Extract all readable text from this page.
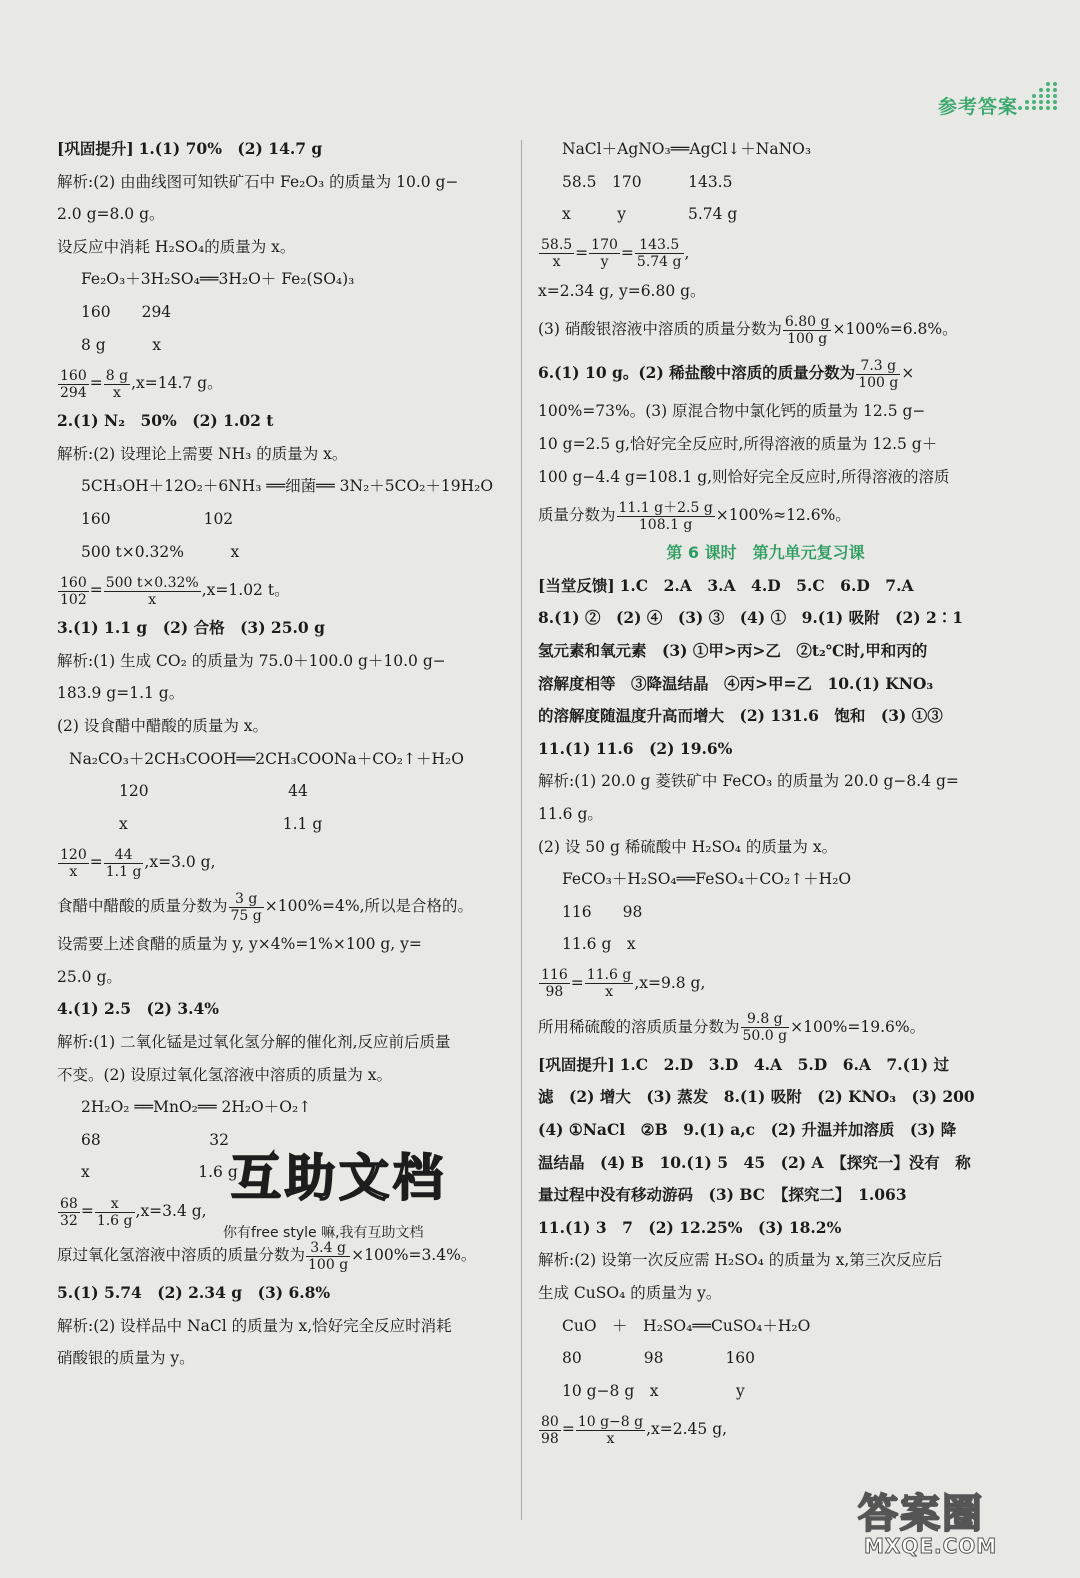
参考答案
[巩固提升] 1.(1) 70%　(2) 14.7 g
解析:(2) 由曲线图可知铁矿石中 Fe₂O₃ 的质量为 10.0 g−
2.0 g=8.0 g。
设反应中消耗 H₂SO₄的质量为 x。
Fe₂O₃＋3H₂SO₄══3H₂O＋ Fe₂(SO₄)₃
160　　294
8 g　　　x
$\frac{160}{294} = \frac{8 g}{x} ,x=14.7$ g。
2.(1) N₂　50%　(2) 1.02 t
解析:(2) 设理论上需要 NH₃ 的质量为 x。
5CH₃OH＋12O₂＋6NH₃ ══细菌══ 3N₂＋5CO₂＋19H₂O
160　　　　　　102
500 t×0.32%　　　x
$\frac{160}{102} = \frac{500 t\times 0.32\%}{x} ,x=1.02$ t。
3.(1) 1.1 g　(2) 合格　(3) 25.0 g
解析:(1) 生成 CO₂ 的质量为 75.0＋100.0 g＋10.0 g−
183.9 g=1.1 g。
(2) 设食醋中醋酸的质量为 x。
Na₂CO₃＋2CH₃COOH══2CH₃COONa＋CO₂↑＋H₂O
　　　　120　　　　　　　　　44
　　　　x　　　　　　　　　　1.1 g
$\frac{120}{x} = \frac{44}{1.1 g} ,x=3.0$ g,
食醋中醋酸的质量分数为 $\frac{3 g}{75 g} \times 100\%=4\%$,所以是合格的。
设需要上述食醋的质量为 y, y×4%=1%×100 g, y=
25.0 g。
4.(1) 2.5　(2) 3.4%
解析:(1) 二氧化锰是过氧化氢分解的催化剂,反应前后质量
不变。(2) 设原过氧化氢溶液中溶质的质量为 x。
2H₂O₂ ══MnO₂══ 2H₂O＋O₂↑
68　　　　　　　32
x　　　　　　　1.6 g
$\frac{68}{32} = \frac{x}{1.6 g} ,x=3.4$ g,
原过氧化氢溶液中溶质的质量分数为 $\frac{3.4 g}{100 g} \times 100\%=3.4\%$。
5.(1) 5.74　(2) 2.34 g　(3) 6.8%
解析:(2) 设样品中 NaCl 的质量为 x,恰好完全反应时消耗
硝酸银的质量为 y。
NaCl＋AgNO₃══AgCl↓＋NaNO₃
58.5　170　　　143.5
x　　　y　　　　5.74 g
$\frac{58.5}{x} = \frac{170}{y} = \frac{143.5}{5.74 g}$ ,
x=2.34 g, y=6.80 g。
(3) 硝酸银溶液中溶质的质量分数为 $\frac{6.80 g}{100 g} \times 100\%=6.8\%$。
6.(1) 10 g。(2) 稀盐酸中溶质的质量分数为 $\frac{7.3 g}{100 g}$ ×
100%=73%。(3) 原混合物中氯化钙的质量为 12.5 g−
10 g=2.5 g,恰好完全反应时,所得溶液的质量为 12.5 g＋
100 g−4.4 g=108.1 g,则恰好完全反应时,所得溶液的溶质
质量分数为 $\frac{11.1 g+2.5 g}{108.1 g} \times 100\%\approx 12.6\%$。
第 6 课时　第九单元复习课
[当堂反馈] 1.C　2.A　3.A　4.D　5.C　6.D　7.A
8.(1) ②　(2) ④　(3) ③　(4) ①　9.(1) 吸附　(2) 2∶1
氢元素和氧元素　(3) ①甲>丙>乙　②t₂℃时,甲和丙的
溶解度相等　③降温结晶　④丙>甲=乙　10.(1) KNO₃
的溶解度随温度升高而增大　(2) 131.6　饱和　(3) ①③
11.(1) 11.6　(2) 19.6%
解析:(1) 20.0 g 菱铁矿中 FeCO₃ 的质量为 20.0 g−8.4 g=
11.6 g。
(2) 设 50 g 稀硫酸中 H₂SO₄ 的质量为 x。
FeCO₃＋H₂SO₄══FeSO₄＋CO₂↑＋H₂O
116　　98
11.6 g　x
$\frac{116}{98} = \frac{11.6 g}{x} ,x=9.8$ g,
所用稀硫酸的溶质质量分数为 $\frac{9.8 g}{50.0 g} \times 100\%=19.6\%$。
[巩固提升] 1.C　2.D　3.D　4.A　5.D　6.A　7.(1) 过
滤　(2) 增大　(3) 蒸发　8.(1) 吸附　(2) KNO₃　(3) 200
(4) ①NaCl　②B　9.(1) a,c　(2) 升温并加溶质　(3) 降
温结晶　(4) B　10.(1) 5　45　(2) A　【探究一】没有　称
量过程中没有移动游码　(3) BC　【探究二】　1.063
11.(1) 3　7　(2) 12.25%　(3) 18.2%
解析:(2) 设第一次反应需 H₂SO₄ 的质量为 x,第三次反应后
生成 CuSO₄ 的质量为 y。
CuO　＋　H₂SO₄══CuSO₄＋H₂O
80　　　　98　　　　160
10 g−8 g　x　　　　　y
$\frac{80}{98} = \frac{10 g-8 g}{x} ,x=2.45$ g,
互助文档
你有free style 嘛,我有互助文档
答案圈
MXQE.COM
